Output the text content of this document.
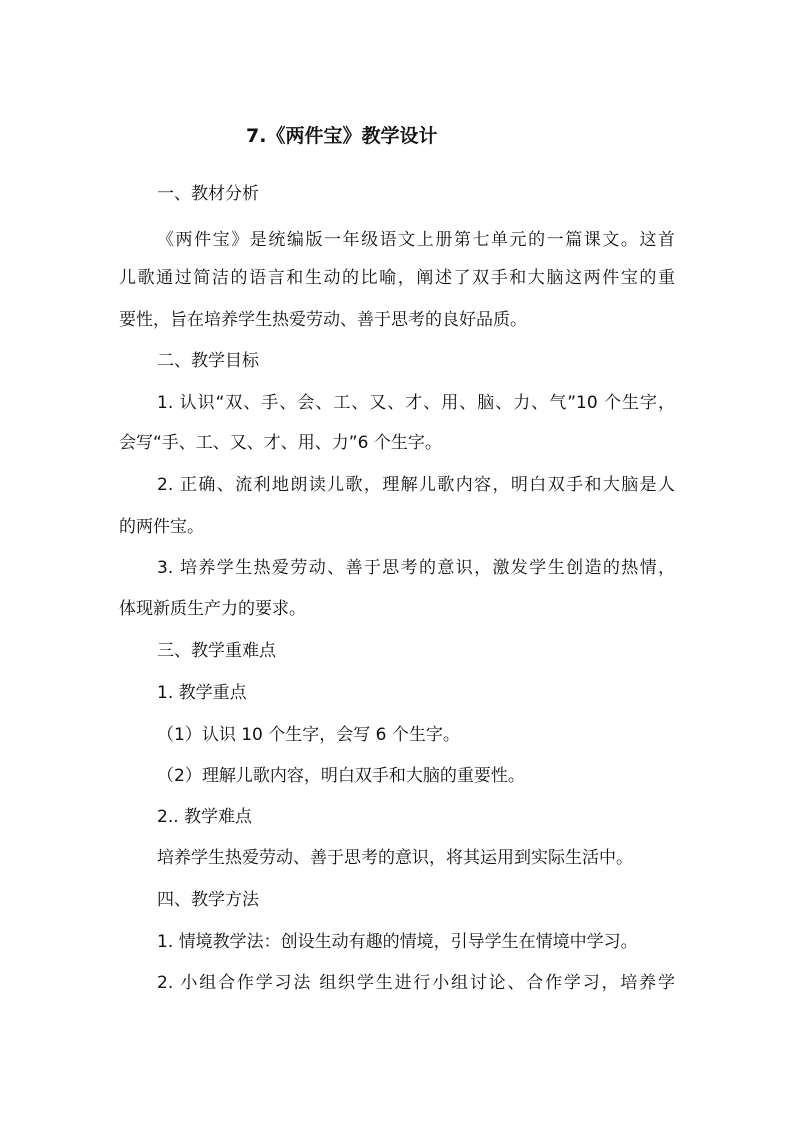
7.《两件宝》教学设计
一、教材分析
《两件宝》是统编版一年级语文上册第七单元的一篇课文。这首
儿歌通过简洁的语言和生动的比喻，阐述了双手和大脑这两件宝的重
要性，旨在培养学生热爱劳动、善于思考的良好品质。
二、教学目标
1. 认识“双、手、会、工、又、才、用、脑、力、气”10 个生字，
会写“手、工、又、才、用、力”6 个生字。
2. 正确、流利地朗读儿歌，理解儿歌内容，明白双手和大脑是人
的两件宝。
3. 培养学生热爱劳动、善于思考的意识，激发学生创造的热情，
体现新质生产力的要求。
三、教学重难点
1. 教学重点
（1）认识 10 个生字，会写 6 个生字。
（2）理解儿歌内容，明白双手和大脑的重要性。
2.. 教学难点
培养学生热爱劳动、善于思考的意识，将其运用到实际生活中。
四、教学方法
1. 情境教学法：创设生动有趣的情境，引导学生在情境中学习。
2. 小组合作学习法 组织学生进行小组讨论、合作学习，培养学
